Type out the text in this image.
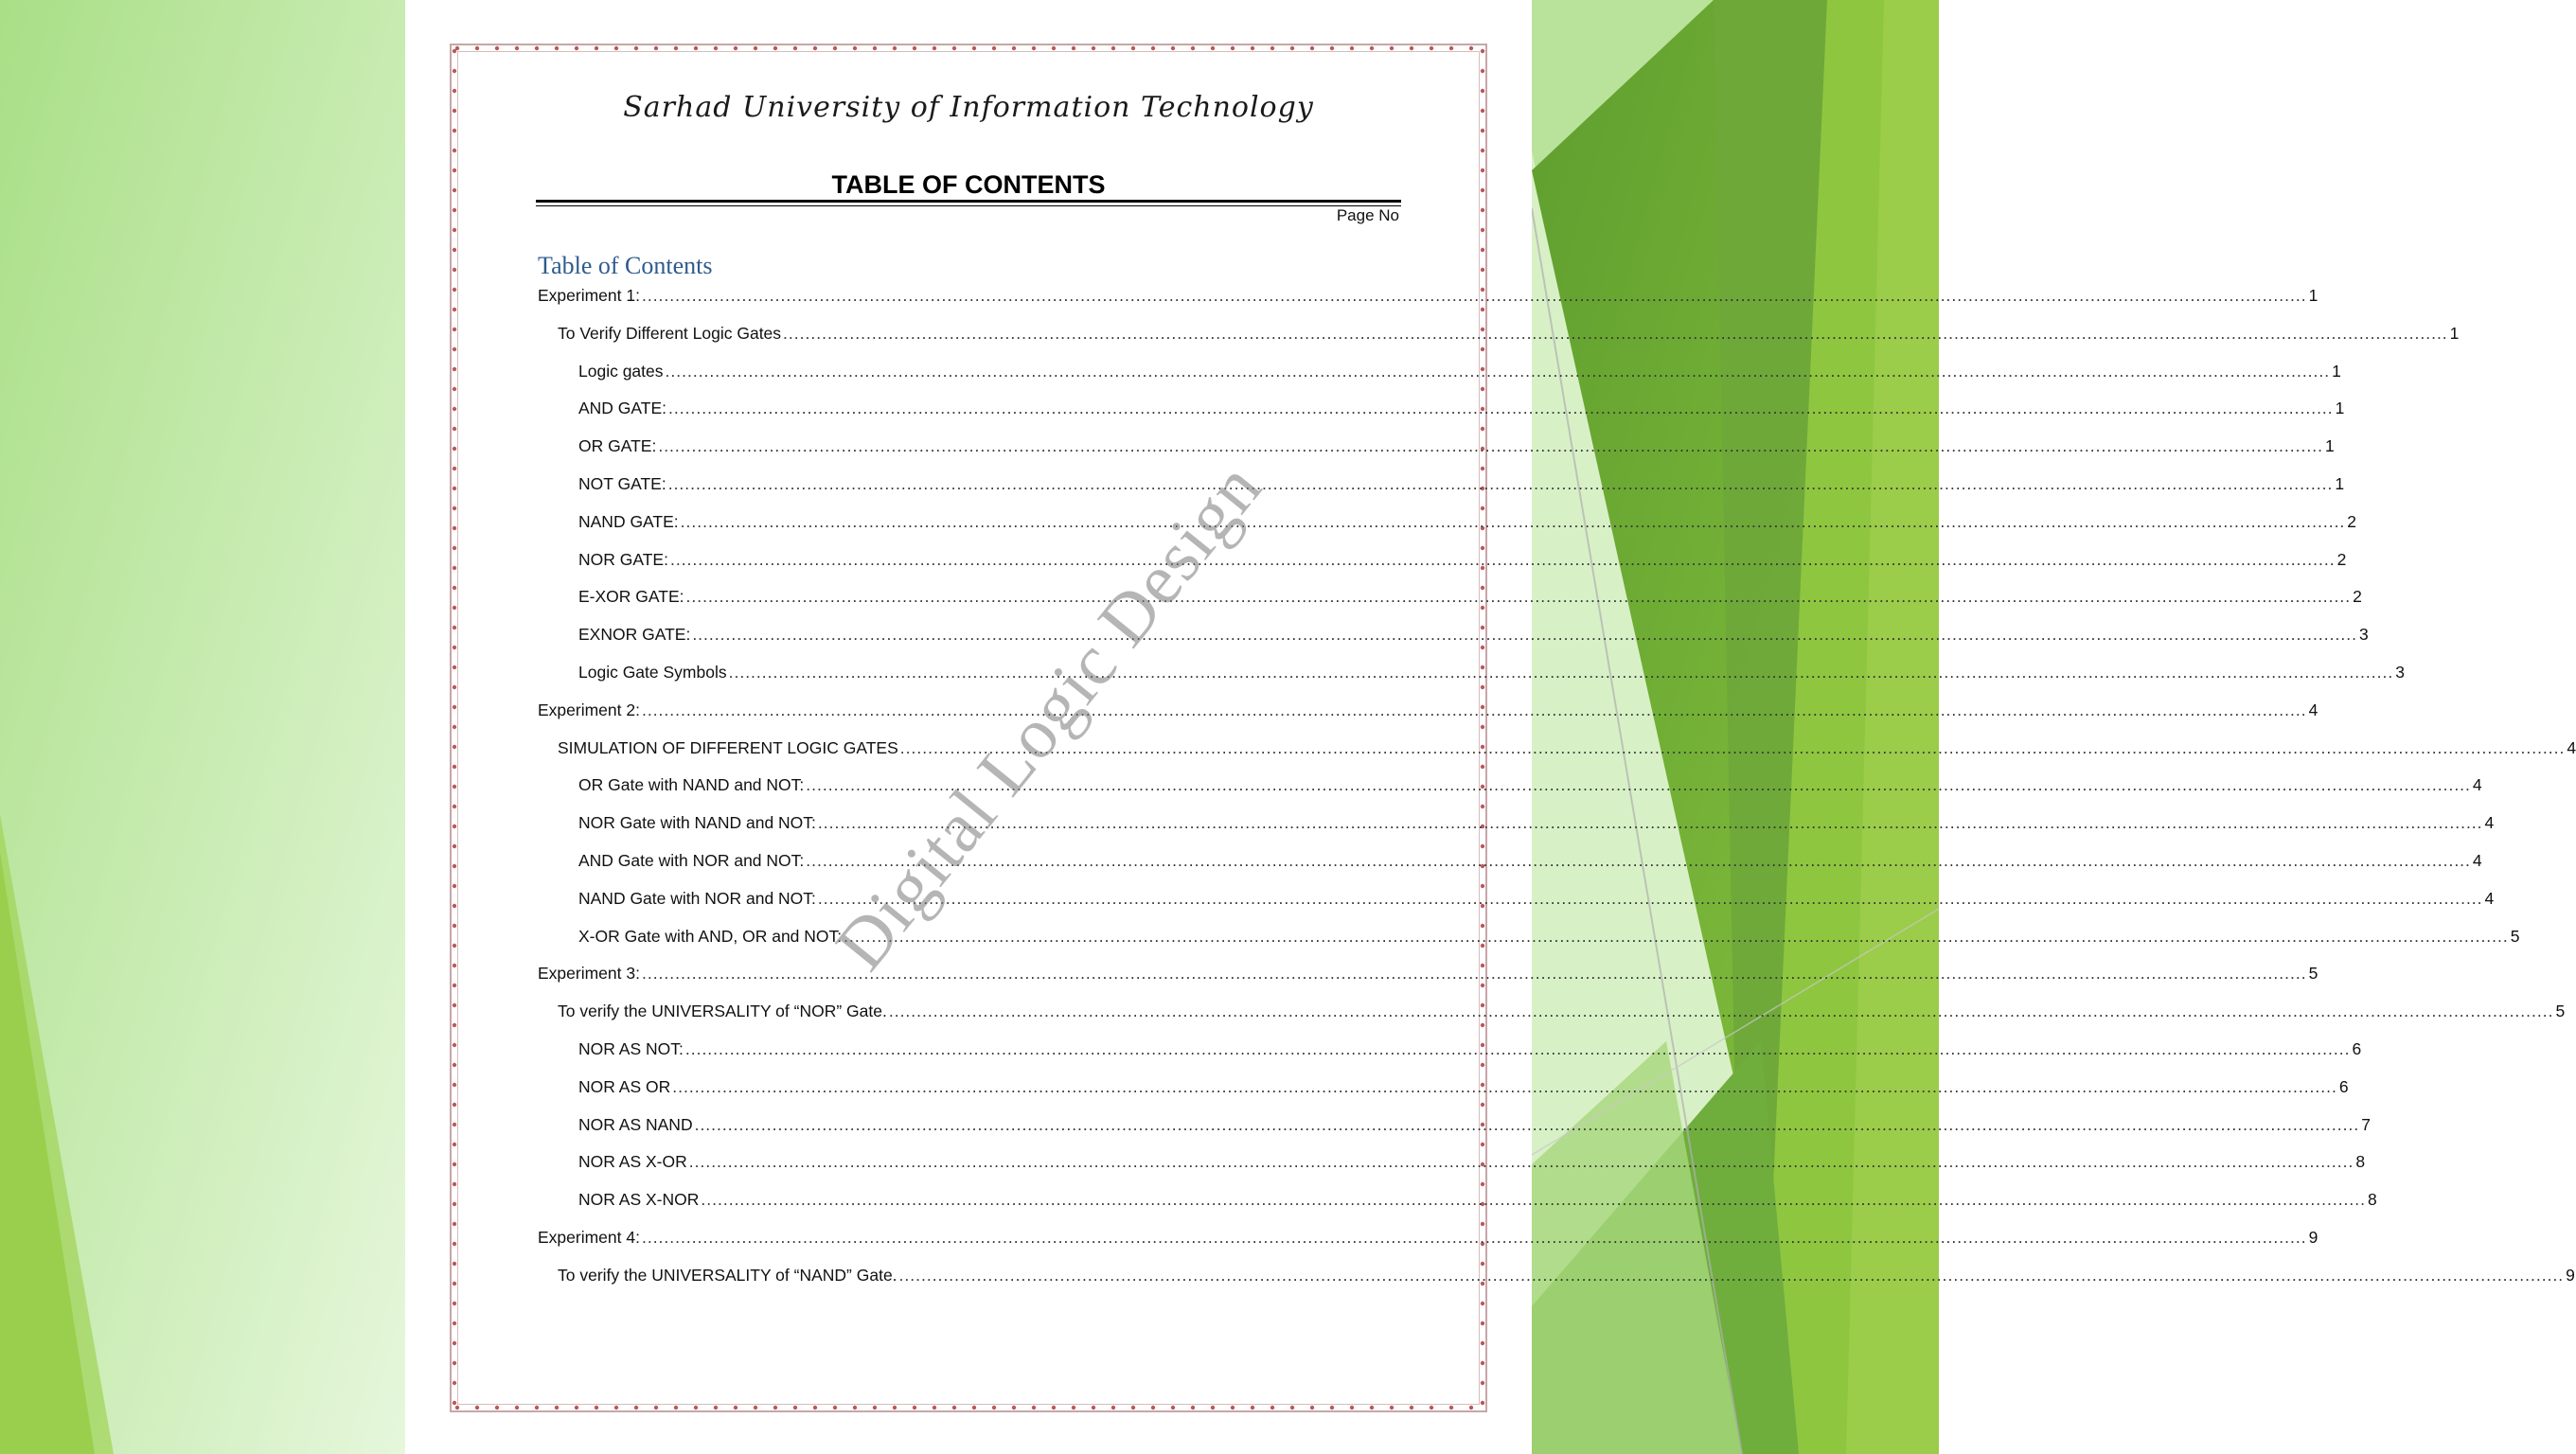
Sarhad University of Information Technology
TABLE OF CONTENTS
Page No
Table of Contents
Experiment 1: ............................................................................................................................................................................................................................................................................................................ 1
To Verify Different Logic Gates ............................................................................................................................................................................................................................................................................................................ 1
Logic gates ............................................................................................................................................................................................................................................................................................................ 1
AND GATE: ............................................................................................................................................................................................................................................................................................................ 1
OR GATE: ............................................................................................................................................................................................................................................................................................................ 1
NOT GATE: ............................................................................................................................................................................................................................................................................................................ 1
NAND GATE: ............................................................................................................................................................................................................................................................................................................ 2
NOR GATE: ............................................................................................................................................................................................................................................................................................................ 2
E-XOR GATE: ............................................................................................................................................................................................................................................................................................................ 2
EXNOR GATE: ............................................................................................................................................................................................................................................................................................................ 3
Logic Gate Symbols ............................................................................................................................................................................................................................................................................................................ 3
Experiment 2: ............................................................................................................................................................................................................................................................................................................ 4
SIMULATION OF DIFFERENT LOGIC GATES ............................................................................................................................................................................................................................................................................................................ 4
OR Gate with NAND and NOT: ............................................................................................................................................................................................................................................................................................................ 4
NOR Gate with NAND and NOT: ............................................................................................................................................................................................................................................................................................................ 4
AND Gate with NOR and NOT: ............................................................................................................................................................................................................................................................................................................ 4
NAND Gate with NOR and NOT: ............................................................................................................................................................................................................................................................................................................ 4
X-OR Gate with AND, OR and NOT: ............................................................................................................................................................................................................................................................................................................ 5
Experiment 3: ............................................................................................................................................................................................................................................................................................................ 5
To verify the UNIVERSALITY of “NOR” Gate. ............................................................................................................................................................................................................................................................................................................ 5
NOR AS NOT: ............................................................................................................................................................................................................................................................................................................ 6
NOR AS OR ............................................................................................................................................................................................................................................................................................................ 6
NOR AS NAND ............................................................................................................................................................................................................................................................................................................ 7
NOR AS X-OR ............................................................................................................................................................................................................................................................................................................ 8
NOR AS X-NOR ............................................................................................................................................................................................................................................................................................................ 8
Experiment 4: ............................................................................................................................................................................................................................................................................................................ 9
To verify the UNIVERSALITY of “NAND” Gate. ............................................................................................................................................................................................................................................................................................................ 9
Digital Logic Design
